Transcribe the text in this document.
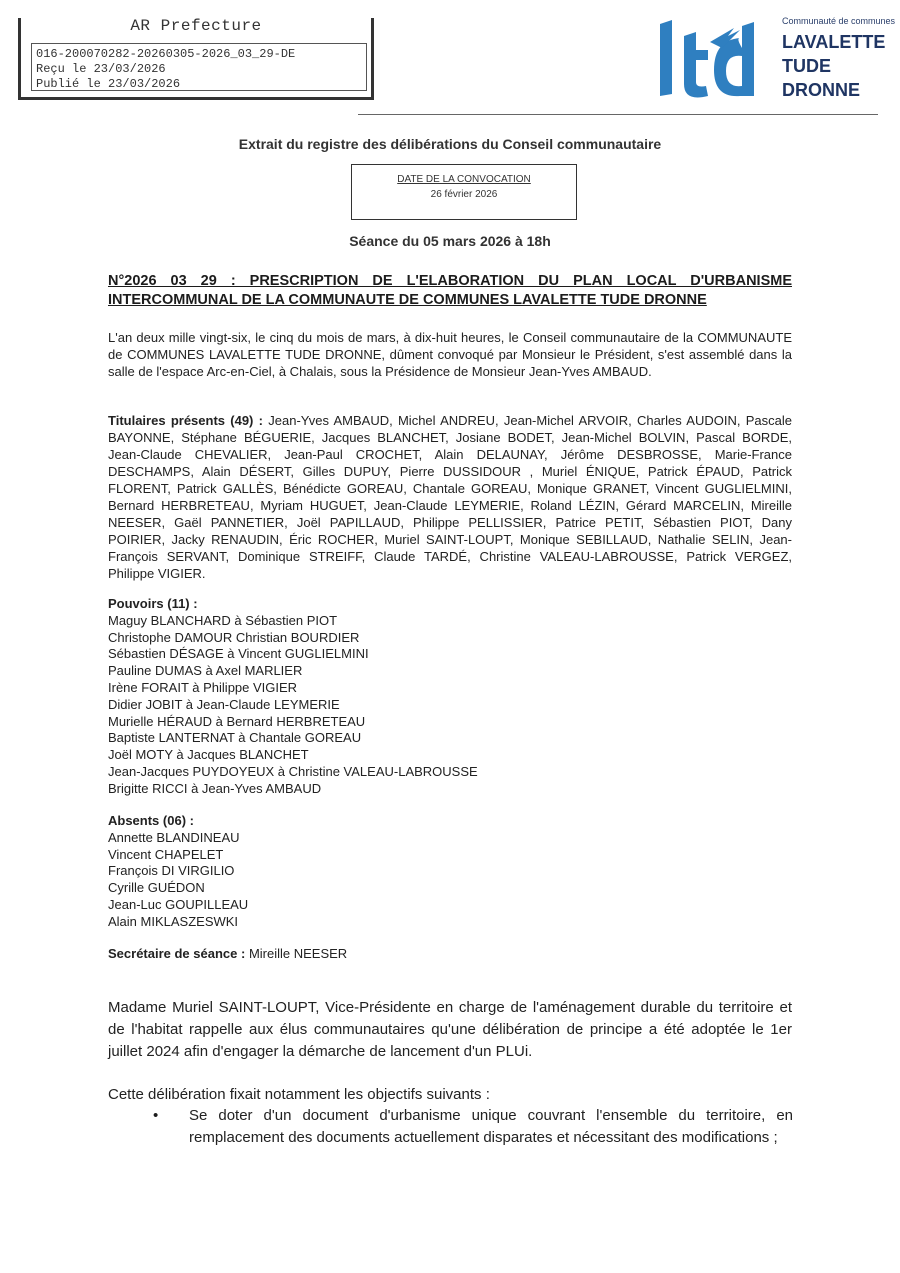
AR Prefecture
016-200070282-20260305-2026_03_29-DE
Reçu le 23/03/2026
Publié le 23/03/2026
Communauté de communes
LAVALETTE
TUDE
DRONNE
Extrait du registre des délibérations du Conseil communautaire
DATE DE LA CONVOCATION
26 février 2026
Séance du 05 mars 2026 à 18h
N°2026 03 29 : PRESCRIPTION DE L'ELABORATION DU PLAN LOCAL D'URBANISME INTERCOMMUNAL DE LA COMMUNAUTE DE COMMUNES LAVALETTE TUDE DRONNE
L'an deux mille vingt-six, le cinq du mois de mars, à dix-huit heures, le Conseil communautaire de la COMMUNAUTE de COMMUNES LAVALETTE TUDE DRONNE, dûment convoqué par Monsieur le Président, s'est assemblé dans la salle de l'espace Arc-en-Ciel, à Chalais, sous la Présidence de Monsieur Jean-Yves AMBAUD.
Titulaires présents (49) : Jean-Yves AMBAUD, Michel ANDREU, Jean-Michel ARVOIR, Charles AUDOIN, Pascale BAYONNE, Stéphane BÉGUERIE, Jacques BLANCHET, Josiane BODET, Jean-Michel BOLVIN, Pascal BORDE, Jean-Claude CHEVALIER, Jean-Paul CROCHET, Alain DELAUNAY, Jérôme DESBROSSE, Marie-France DESCHAMPS, Alain DÉSERT, Gilles DUPUY, Pierre DUSSIDOUR , Muriel ÉNIQUE, Patrick ÉPAUD, Patrick FLORENT, Patrick GALLÈS, Bénédicte GOREAU, Chantale GOREAU, Monique GRANET, Vincent GUGLIELMINI, Bernard HERBRETEAU, Myriam HUGUET, Jean-Claude LEYMERIE, Roland LÉZIN, Gérard MARCELIN, Mireille NEESER, Gaël PANNETIER, Joël PAPILLAUD, Philippe PELLISSIER, Patrice PETIT, Sébastien PIOT, Dany POIRIER, Jacky RENAUDIN, Éric ROCHER, Muriel SAINT-LOUPT, Monique SEBILLAUD, Nathalie SELIN, Jean-François SERVANT, Dominique STREIFF, Claude TARDÉ, Christine VALEAU-LABROUSSE, Patrick VERGEZ, Philippe VIGIER.
Pouvoirs (11) :
Maguy BLANCHARD à Sébastien PIOT
Christophe DAMOUR Christian BOURDIER
Sébastien DÉSAGE à Vincent GUGLIELMINI
Pauline DUMAS à Axel MARLIER
Irène FORAIT à Philippe VIGIER
Didier JOBIT à Jean-Claude LEYMERIE
Murielle HÉRAUD à Bernard HERBRETEAU
Baptiste LANTERNAT à Chantale GOREAU
Joël MOTY à Jacques BLANCHET
Jean-Jacques PUYDOYEUX à Christine VALEAU-LABROUSSE
Brigitte RICCI à Jean-Yves AMBAUD
Absents (06) :
Annette BLANDINEAU
Vincent CHAPELET
François DI VIRGILIO
Cyrille GUÉDON
Jean-Luc GOUPILLEAU
Alain MIKLASZESWKI
Secrétaire de séance : Mireille NEESER
Madame Muriel SAINT-LOUPT, Vice-Présidente en charge de l'aménagement durable du territoire et de l'habitat rappelle aux élus communautaires qu'une délibération de principe a été adoptée le 1er juillet 2024 afin d'engager la démarche de lancement d'un PLUi.
Cette délibération fixait notamment les objectifs suivants :
• Se doter d'un document d'urbanisme unique couvrant l'ensemble du territoire, en remplacement des documents actuellement disparates et nécessitant des modifications ;
